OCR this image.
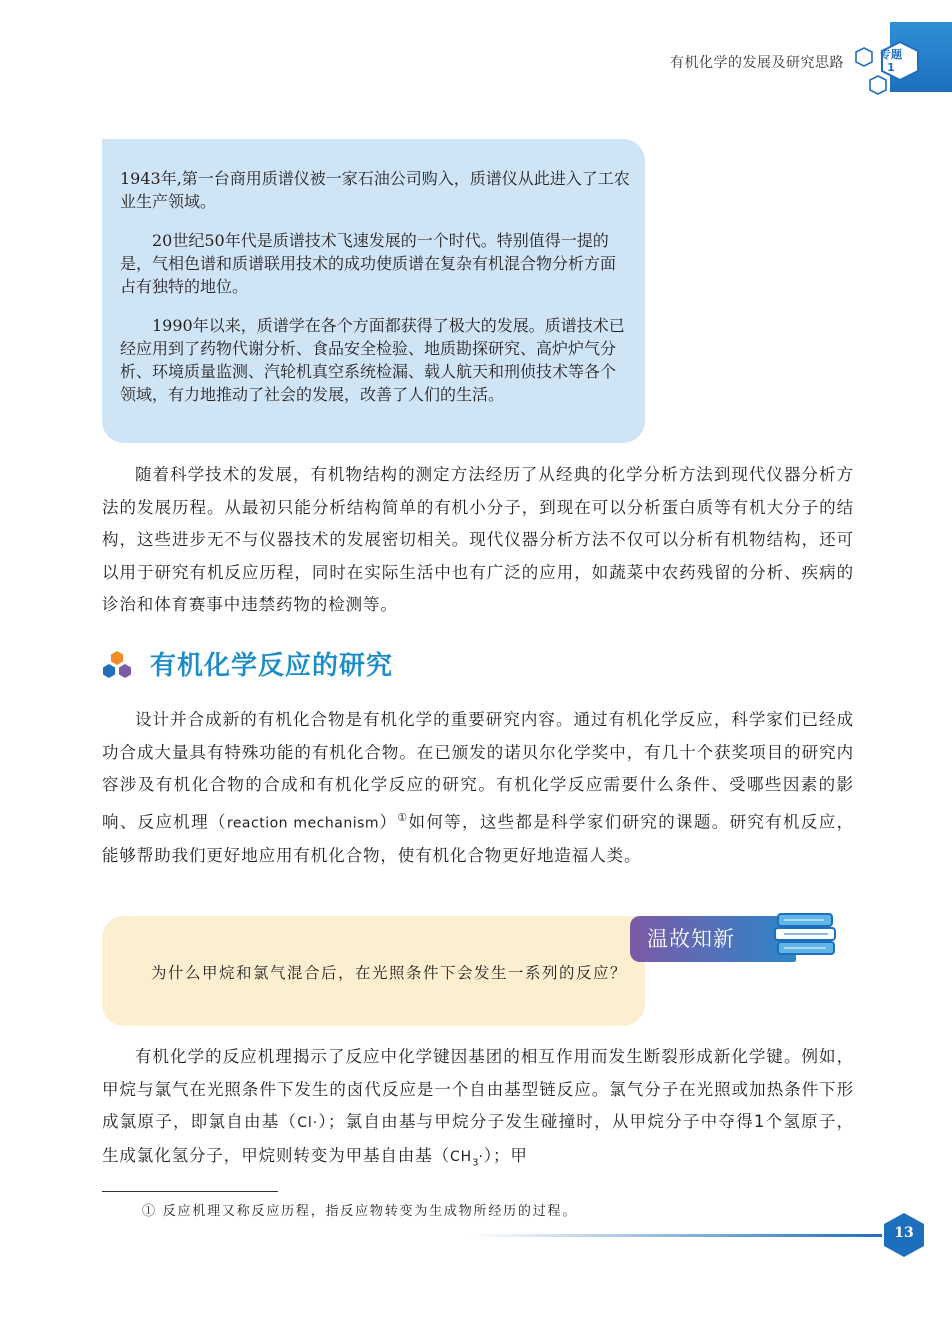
有机化学的发展及研究思路
专题
1

1943年,第一台商用质谱仪被一家石油公司购入，质谱仪从此进入了工农业生产领域。

20世纪50年代是质谱技术飞速发展的一个时代。特别值得一提的是，气相色谱和质谱联用技术的成功使质谱在复杂有机混合物分析方面占有独特的地位。

1990年以来，质谱学在各个方面都获得了极大的发展。质谱技术已经应用到了药物代谢分析、食品安全检验、地质勘探研究、高炉炉气分析、环境质量监测、汽轮机真空系统检漏、载人航天和刑侦技术等各个领域，有力地推动了社会的发展，改善了人们的生活。

随着科学技术的发展，有机物结构的测定方法经历了从经典的化学分析方法到现代仪器分析方法的发展历程。从最初只能分析结构简单的有机小分子，到现在可以分析蛋白质等有机大分子的结构，这些进步无不与仪器技术的发展密切相关。现代仪器分析方法不仅可以分析有机物结构，还可以用于研究有机反应历程，同时在实际生活中也有广泛的应用，如蔬菜中农药残留的分析、疾病的诊治和体育赛事中违禁药物的检测等。

有机化学反应的研究

设计并合成新的有机化合物是有机化学的重要研究内容。通过有机化学反应，科学家们已经成功合成大量具有特殊功能的有机化合物。在已颁发的诺贝尔化学奖中，有几十个获奖项目的研究内容涉及有机化合物的合成和有机化学反应的研究。有机化学反应需要什么条件、受哪些因素的影响、反应机理（reaction mechanism）①如何等，这些都是科学家们研究的课题。研究有机反应，能够帮助我们更好地应用有机化合物，使有机化合物更好地造福人类。

温故知新

为什么甲烷和氯气混合后，在光照条件下会发生一系列的反应？

有机化学的反应机理揭示了反应中化学键因基团的相互作用而发生断裂形成新化学键。例如，甲烷与氯气在光照条件下发生的卤代反应是一个自由基型链反应。氯气分子在光照或加热条件下形成氯原子，即氯自由基（Cl·）；氯自由基与甲烷分子发生碰撞时，从甲烷分子中夺得1个氢原子，生成氯化氢分子，甲烷则转变为甲基自由基$(CH_3\cdot)$；甲

① 反应机理又称反应历程，指反应物转变为生成物所经历的过程。
13
